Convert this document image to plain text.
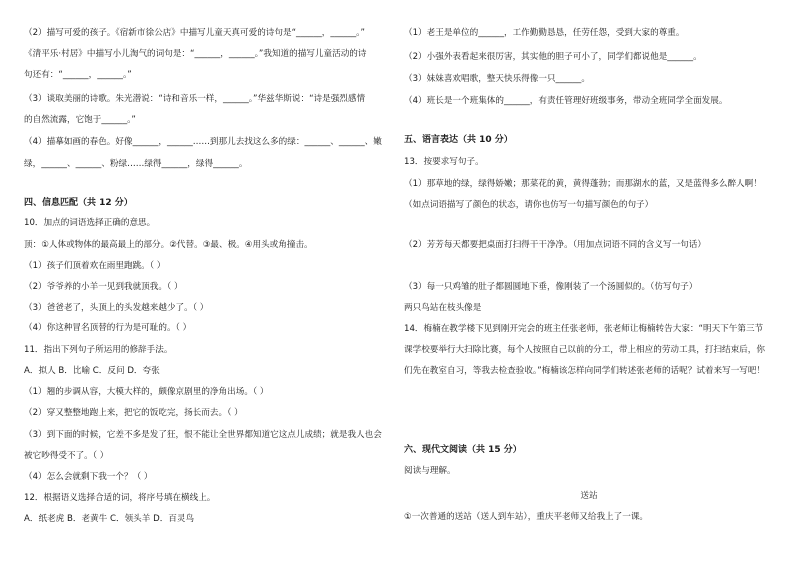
（2）描写可爱的孩子。《宿新市徐公店》中描写儿童天真可爱的诗句是“______，______。”
《清平乐·村居》中描写小儿淘气的词句是：“______，______。”我知道的描写儿童活动的诗
句还有：“______，______。”
（3）谈取美丽的诗歌。朱光潜说：“诗和音乐一样，______。”华兹华斯说：“诗是强烈感情
的自然流露，它饱于______。”
（4）描摹如画的春色。好像______，______……到那儿去找这么多的绿：______、______、嫩
绿，______、______、粉绿……绿得______，绿得______。
四、信息匹配（共 12 分）
10．加点的词语选择正确的意思。
顶：①人体或物体的最高最上的部分。②代替。③最、极。④用头或角撞击。
（1）孩子们顶着欢在雨里跑跳。（ ）
（2）爷爷养的小羊一见到我就顶我。（ ）
（3）爸爸老了，头顶上的头发越来越少了。（ ）
（4）你这种冒名顶替的行为是可耻的。（ ）
11．指出下列句子所运用的修辞手法。
A．拟人 B．比喻 C．反问 D．夸张
（1）翘的步调从容，大模大样的，颇像京剧里的净角出场。（ ）
（2）穿又整整地跑上来，把它的饭吃完，扬长而去。（ ）
（3）到下面的时候，它差不多是发了狂，恨不能让全世界都知道它这点儿成绩；就是我人也会
被它吵得受不了。（ ）
（4）怎么会就剩下我一个？（ ）
12．根据语义选择合适的词，将序号填在横线上。
A．纸老虎 B．老黄牛 C．领头羊 D．百灵鸟
（1）老王是单位的______，工作勤勤恳恳，任劳任怨，受到大家的尊重。
（2）小强外表看起来很厉害，其实他的胆子可小了，同学们都说他是______。
（3）妹妹喜欢唱歌，整天快乐得像一只______。
（4）班长是一个班集体的______，有责任管理好班级事务，带动全班同学全面发展。
五、语言表达（共 10 分）
13．按要求写句子。
（1）那草地的绿，绿得娇嫩；那菜花的黄，黄得蓬勃；而那湖水的蓝，又是蓝得多么醉人啊！
（如点词语描写了颜色的状态，请你也仿写一句描写颜色的句子）
（2）芳芳每天都要把桌面打扫得干干净净。（用加点词语不同的含义写一句话）
（3）每一只鸡雏的肚子都圆圆地下垂，像刚装了一个汤圆似的。（仿写句子）
两只鸟站在枝头像是
14．梅楠在教学楼下见到刚开完会的班主任张老师，张老师让梅楠转告大家：“明天下午第三节
课学校要举行大扫除比赛，每个人按照自己以前的分工，带上相应的劳动工具，打扫结束后，你
们先在教室自习，等我去检查验收。”梅楠该怎样向同学们转述张老师的话呢？试着来写一写吧！
六、现代文阅读（共 15 分）
阅读与理解。
送站
①一次普通的送站（送人到车站），重庆平老师又给我上了一课。
